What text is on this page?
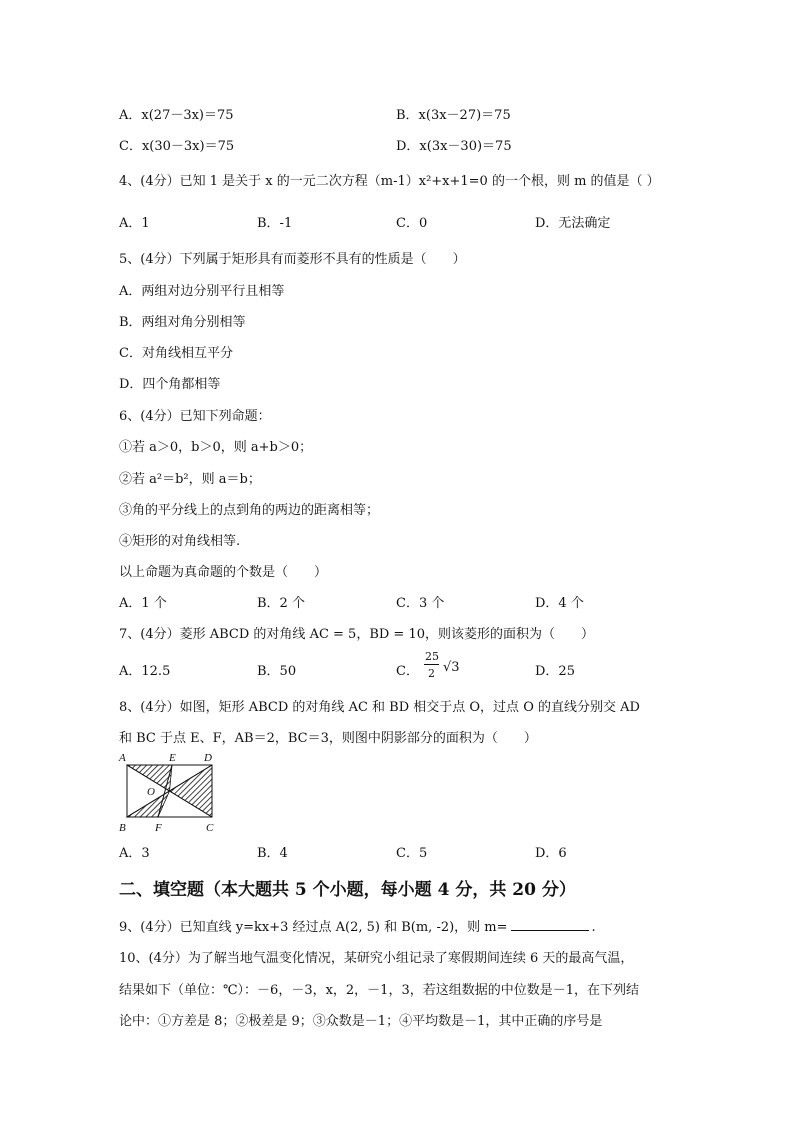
A．x(27－3x)＝75	B．x(3x－27)＝75
C．x(30－3x)＝75	D．x(3x－30)＝75
4、(4分）已知 1 是关于 x 的一元二次方程（m-1）x²+x+1=0 的一个根，则 m 的值是（ ）
A．1	B．-1	C．0	D．无法确定
5、(4分）下列属于矩形具有而菱形不具有的性质是（　　）
A．两组对边分别平行且相等
B．两组对角分别相等
C．对角线相互平分
D．四个角都相等
6、(4分）已知下列命题：
①若 a＞0，b＞0，则 a+b＞0；
②若 a²＝b²，则 a＝b；
③角的平分线上的点到角的两边的距离相等；
④矩形的对角线相等.
以上命题为真命题的个数是（　　）
A．1 个	B．2 个	C．3 个	D．4 个
7、(4分）菱形 ABCD 的对角线 AC = 5，BD = 10，则该菱形的面积为（　　）
A．12.5	B．50	C．
25
2 √3	D．25
8、(4分）如图，矩形 ABCD 的对角线 AC 和 BD 相交于点 O，过点 O 的直线分别交 AD
和 BC 于点 E、F，AB＝2，BC＝3，则图中阴影部分的面积为（　　）
A	E	D
O
B	F	C
A．3	B．4	C．5	D．6
二、填空题（本大题共 5 个小题，每小题 4 分，共 20 分）
9、(4分）已知直线 y=kx+3 经过点 A(2, 5) 和 B(m, -2)，则 m=	.
10、(4分）为了解当地气温变化情况，某研究小组记录了寒假期间连续 6 天的最高气温，
结果如下（单位：℃）：－6，－3，x，2，－1，3，若这组数据的中位数是－1，在下列结
论中：①方差是 8；②极差是 9；③众数是－1；④平均数是－1，其中正确的序号是
